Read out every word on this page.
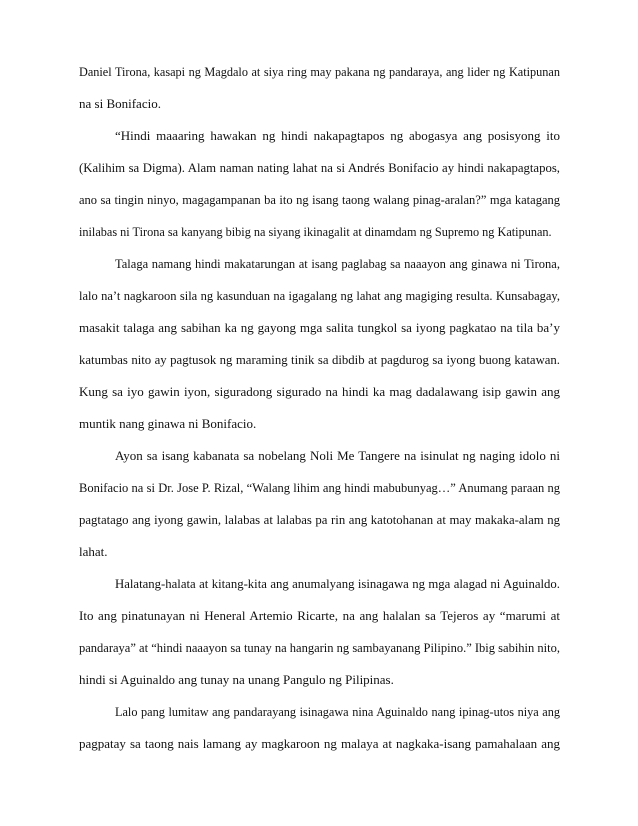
Daniel Tirona, kasapi ng Magdalo at siya ring may pakana ng pandaraya, ang lider ng Katipunan
na si Bonifacio.
“Hindi maaaring hawakan ng hindi nakapagtapos ng abogasya ang posisyong ito
(Kalihim sa Digma). Alam naman nating lahat na si Andrés Bonifacio ay hindi nakapagtapos,
ano sa tingin ninyo, magagampanan ba ito ng isang taong walang pinag-aralan?” mga katagang
inilabas ni Tirona sa kanyang bibig na siyang ikinagalit at dinamdam ng Supremo ng Katipunan.
Talaga namang hindi makatarungan at isang paglabag sa naaayon ang ginawa ni Tirona,
lalo na’t nagkaroon sila ng kasunduan na igagalang ng lahat ang magiging resulta. Kunsabagay,
masakit talaga ang sabihan ka ng gayong mga salita tungkol sa iyong pagkatao na tila ba’y
katumbas nito ay pagtusok ng maraming tinik sa dibdib at pagdurog sa iyong buong katawan.
Kung sa iyo gawin iyon, siguradong sigurado na hindi ka mag dadalawang isip gawin ang
muntik nang ginawa ni Bonifacio.
Ayon sa isang kabanata sa nobelang Noli Me Tangere na isinulat ng naging idolo ni
Bonifacio na si Dr. Jose P. Rizal, “Walang lihim ang hindi mabubunyag…” Anumang paraan ng
pagtatago ang iyong gawin, lalabas at lalabas pa rin ang katotohanan at may makaka-alam ng
lahat.
Halatang-halata at kitang-kita ang anumalyang isinagawa ng mga alagad ni Aguinaldo.
Ito ang pinatunayan ni Heneral Artemio Ricarte, na ang halalan sa Tejeros ay “marumi at
pandaraya” at “hindi naaayon sa tunay na hangarin ng sambayanang Pilipino.” Ibig sabihin nito,
hindi si Aguinaldo ang tunay na unang Pangulo ng Pilipinas.
Lalo pang lumitaw ang pandarayang isinagawa nina Aguinaldo nang ipinag-utos niya ang
pagpatay sa taong nais lamang ay magkaroon ng malaya at nagkaka-isang pamahalaan ang
